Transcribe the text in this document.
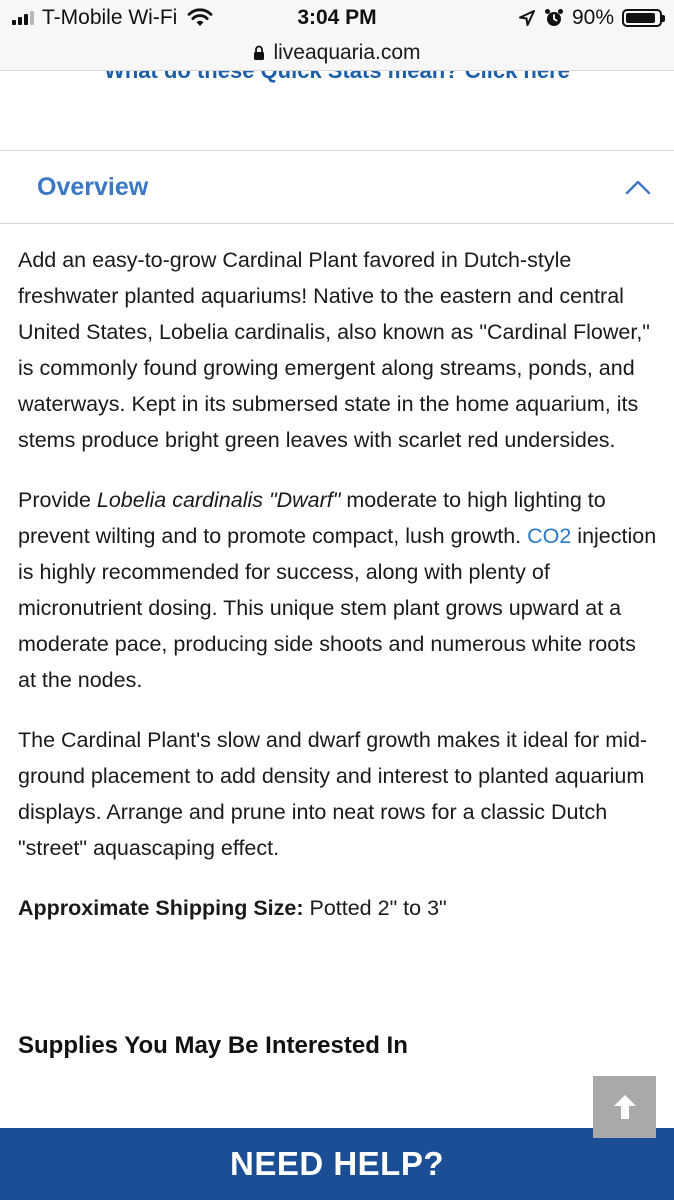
T-Mobile Wi-Fi	3:04 PM	90%
liveaquaria.com
Overview

Add an easy-to-grow Cardinal Plant favored in Dutch-style freshwater planted aquariums! Native to the eastern and central United States, Lobelia cardinalis, also known as "Cardinal Flower," is commonly found growing emergent along streams, ponds, and waterways. Kept in its submersed state in the home aquarium, its stems produce bright green leaves with scarlet red undersides.

Provide Lobelia cardinalis "Dwarf" moderate to high lighting to prevent wilting and to promote compact, lush growth. CO2 injection is highly recommended for success, along with plenty of micronutrient dosing. This unique stem plant grows upward at a moderate pace, producing side shoots and numerous white roots at the nodes.

The Cardinal Plant's slow and dwarf growth makes it ideal for mid- ground placement to add density and interest to planted aquarium displays. Arrange and prune into neat rows for a classic Dutch "street" aquascaping effect.

Approximate Shipping Size: Potted 2" to 3"

Supplies You May Be Interested In
NEED HELP?
